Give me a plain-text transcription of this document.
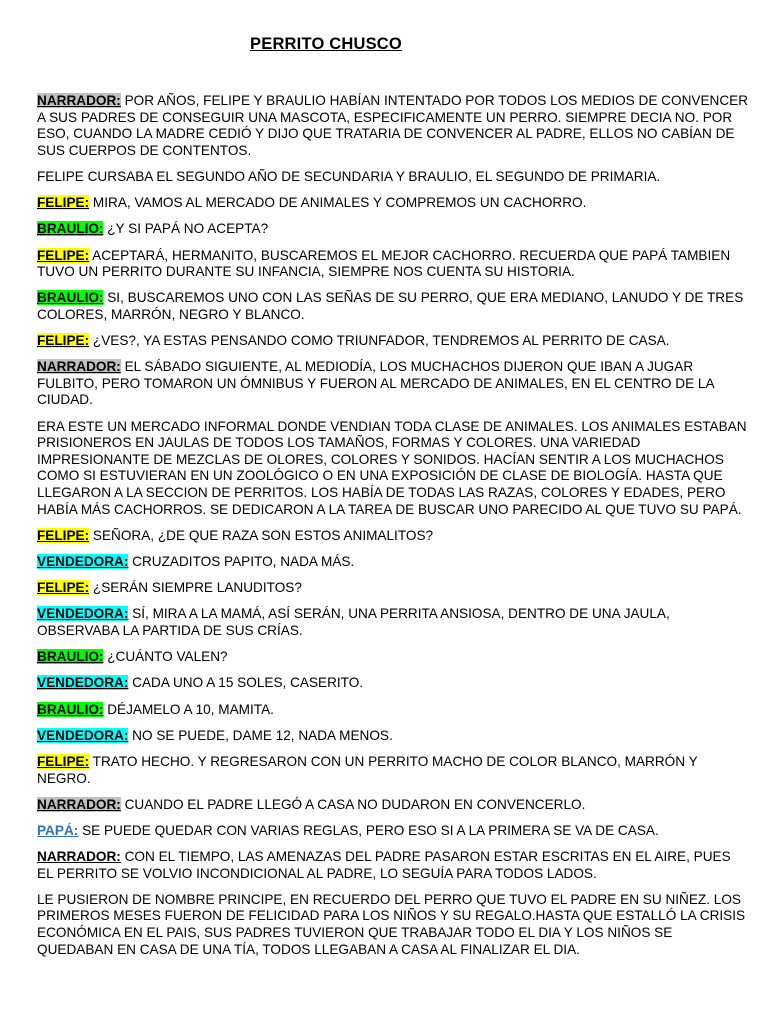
PERRITO CHUSCO

NARRADOR: POR AÑOS, FELIPE Y BRAULIO HABÍAN INTENTADO POR TODOS LOS MEDIOS DE CONVENCER A SUS PADRES DE CONSEGUIR UNA MASCOTA, ESPECIFICAMENTE UN PERRO. SIEMPRE DECIA NO. POR ESO, CUANDO LA MADRE CEDIÓ Y DIJO QUE TRATARIA DE CONVENCER AL PADRE, ELLOS NO CABÍAN DE SUS CUERPOS DE CONTENTOS.

FELIPE CURSABA EL SEGUNDO AÑO DE SECUNDARIA Y BRAULIO, EL SEGUNDO DE PRIMARIA.

FELIPE: MIRA, VAMOS AL MERCADO DE ANIMALES Y COMPREMOS UN CACHORRO.

BRAULIO: ¿Y SI PAPÁ NO ACEPTA?

FELIPE: ACEPTARÁ, HERMANITO, BUSCAREMOS EL MEJOR CACHORRO. RECUERDA QUE PAPÁ TAMBIEN TUVO UN PERRITO DURANTE SU INFANCIA, SIEMPRE NOS CUENTA SU HISTORIA.

BRAULIO: SI, BUSCAREMOS UNO CON LAS SEÑAS DE SU PERRO, QUE ERA MEDIANO, LANUDO Y DE TRES COLORES, MARRÓN, NEGRO Y BLANCO.

FELIPE: ¿VES?, YA ESTAS PENSANDO COMO TRIUNFADOR, TENDREMOS AL PERRITO DE CASA.

NARRADOR: EL SÁBADO SIGUIENTE, AL MEDIODÍA, LOS MUCHACHOS DIJERON QUE IBAN A JUGAR FULBITO, PERO TOMARON UN ÓMNIBUS Y FUERON AL MERCADO DE ANIMALES, EN EL CENTRO DE LA CIUDAD.

ERA ESTE UN MERCADO INFORMAL DONDE VENDIAN TODA CLASE DE ANIMALES. LOS ANIMALES ESTABAN PRISIONEROS EN JAULAS DE TODOS LOS TAMAÑOS, FORMAS Y COLORES. UNA VARIEDAD IMPRESIONANTE DE MEZCLAS DE OLORES, COLORES Y SONIDOS. HACÍAN SENTIR A LOS MUCHACHOS COMO SI ESTUVIERAN EN UN ZOOLÓGICO O EN UNA EXPOSICIÓN DE CLASE DE BIOLOGÍA. HASTA QUE LLEGARON A LA SECCION DE PERRITOS. LOS HABÍA DE TODAS LAS RAZAS, COLORES Y EDADES, PERO HABÍA MÁS CACHORROS. SE DEDICARON A LA TAREA DE BUSCAR UNO PARECIDO AL QUE TUVO SU PAPÁ.

FELIPE: SEÑORA, ¿DE QUE RAZA SON ESTOS ANIMALITOS?

VENDEDORA: CRUZADITOS PAPITO, NADA MÁS.

FELIPE: ¿SERÁN SIEMPRE LANUDITOS?

VENDEDORA: SÍ, MIRA A LA MAMÁ, ASÍ SERÁN, UNA PERRITA ANSIOSA, DENTRO DE UNA JAULA, OBSERVABA LA PARTIDA DE SUS CRÍAS.

BRAULIO: ¿CUÁNTO VALEN?

VENDEDORA: CADA UNO A 15 SOLES, CASERITO.

BRAULIO: DÉJAMELO A 10, MAMITA.

VENDEDORA: NO SE PUEDE, DAME 12, NADA MENOS.

FELIPE: TRATO HECHO. Y REGRESARON CON UN PERRITO MACHO DE COLOR BLANCO, MARRÓN Y NEGRO.

NARRADOR: CUANDO EL PADRE LLEGÓ A CASA NO DUDARON EN CONVENCERLO.

PAPÁ: SE PUEDE QUEDAR CON VARIAS REGLAS, PERO ESO SI A LA PRIMERA SE VA DE CASA.

NARRADOR: CON EL TIEMPO, LAS AMENAZAS DEL PADRE PASARON ESTAR ESCRITAS EN EL AIRE, PUES EL PERRITO SE VOLVIO INCONDICIONAL AL PADRE, LO SEGUÍA PARA TODOS LADOS.

LE PUSIERON DE NOMBRE PRINCIPE, EN RECUERDO DEL PERRO QUE TUVO EL PADRE EN SU NIÑEZ. LOS PRIMEROS MESES FUERON DE FELICIDAD PARA LOS NIÑOS Y SU REGALO.HASTA QUE ESTALLÓ LA CRISIS ECONÓMICA EN EL PAIS, SUS PADRES TUVIERON QUE TRABAJAR TODO EL DIA Y LOS NIÑOS SE QUEDABAN EN CASA DE UNA TÍA, TODOS LLEGABAN A CASA AL FINALIZAR EL DIA.
